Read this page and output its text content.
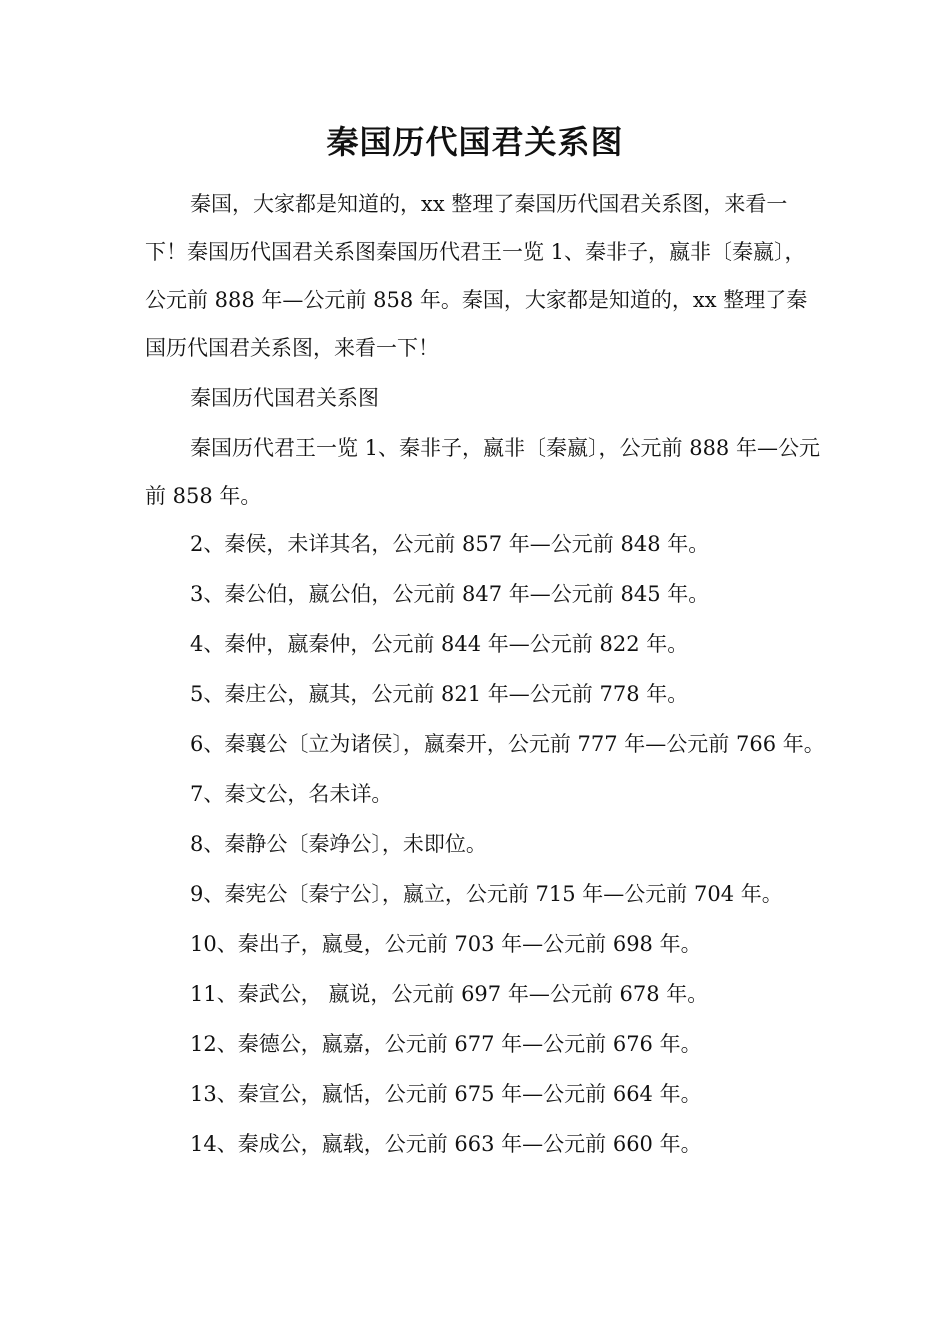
秦国历代国君关系图

秦国，大家都是知道的，xx 整理了秦国历代国君关系图，来看一下！秦国历代国君关系图秦国历代君王一览 1、秦非子，嬴非〔秦嬴〕，公元前 888 年—公元前 858 年。秦国，大家都是知道的，xx 整理了秦国历代国君关系图，来看一下！

秦国历代国君关系图

秦国历代君王一览 1、秦非子，嬴非〔秦嬴〕，公元前 888 年—公元前 858 年。

2、秦侯，未详其名，公元前 857 年—公元前 848 年。

3、秦公伯，嬴公伯，公元前 847 年—公元前 845 年。

4、秦仲，嬴秦仲，公元前 844 年—公元前 822 年。

5、秦庄公，嬴其，公元前 821 年—公元前 778 年。

6、秦襄公〔立为诸侯〕，嬴秦开，公元前 777 年—公元前 766 年。

7、秦文公，名未详。

8、秦静公〔秦竫公〕，未即位。

9、秦宪公〔秦宁公〕，嬴立，公元前 715 年—公元前 704 年。

10、秦出子，嬴曼，公元前 703 年—公元前 698 年。

11、秦武公， 嬴说，公元前 697 年—公元前 678 年。

12、秦德公，嬴嘉，公元前 677 年—公元前 676 年。

13、秦宣公，嬴恬，公元前 675 年—公元前 664 年。

14、秦成公，嬴载，公元前 663 年—公元前 660 年。
